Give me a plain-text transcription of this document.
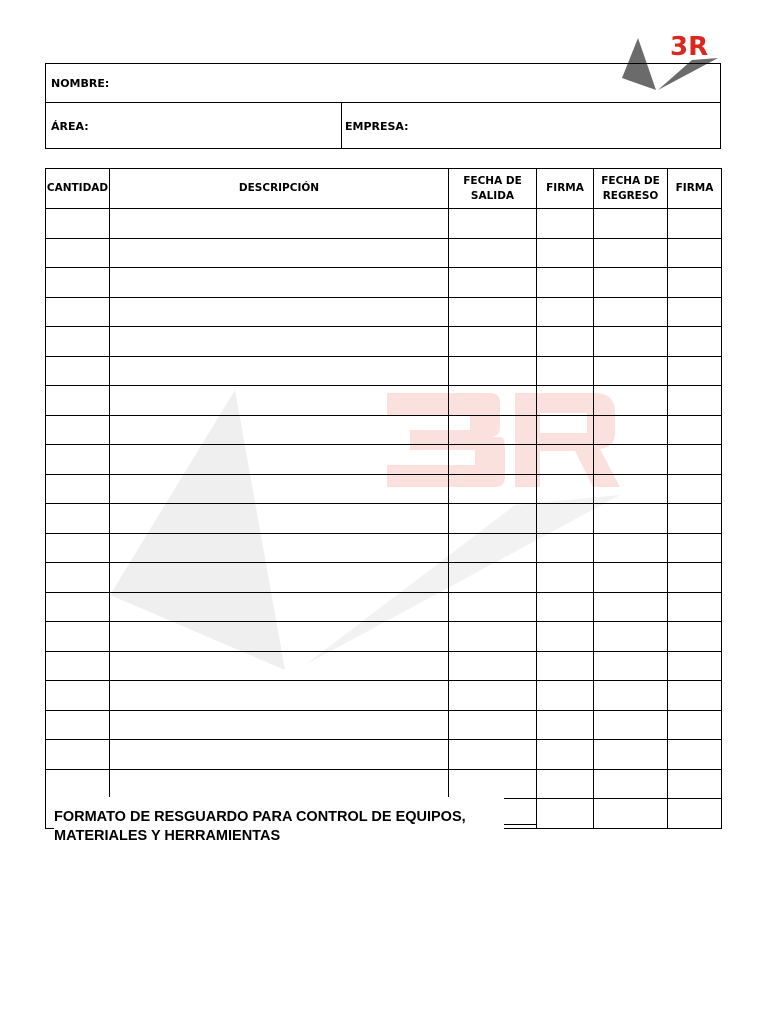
3R
NOMBRE:
ÁREA:	EMPRESA:
CANTIDAD	DESCRIPCIÓN	FECHA DE SALIDA	FIRMA	FECHA DE REGRESO	FIRMA

FORMATO DE RESGUARDO PARA CONTROL DE EQUIPOS,
MATERIALES Y HERRAMIENTAS
